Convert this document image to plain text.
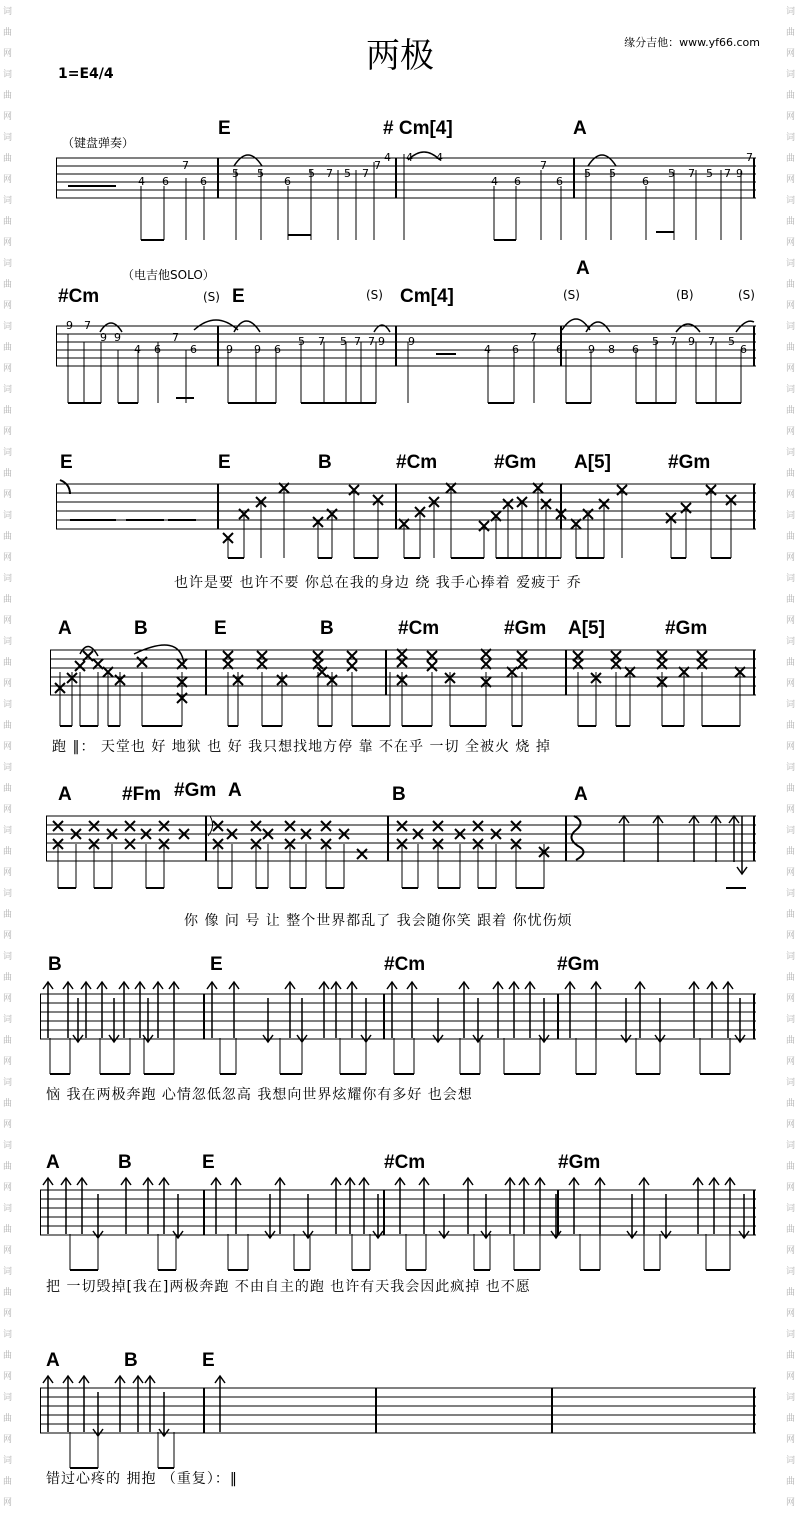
两极	缘分吉他：www.yf66.com
1=E4/4
词
曲
网
词
曲
网
词
曲
网
词
曲
网
词
曲
网
词
曲
网
词
曲
网
词
曲
网
词
曲
网
词
曲
网
词
曲
网
词
曲
网
词
曲
网
词
曲
网
词
曲
网
词
曲
网
词
曲
网
词
曲
网
词
曲
网
词
曲
网
词
曲
网
词
曲
网
词
曲
网
词
曲
网
词
曲
网
词
曲
网
词
曲
网
词
曲
网
词
曲
网
词
曲
网
词
曲
网
词
曲
网
词
曲
网
词
曲
网
词
曲
网
词
曲
网
词
曲
网
词
曲
网
词
曲
网
词
曲
网
词
曲
网
词
曲
网
词
曲
网
词
曲
网
词
曲
网
词
曲
网
词
曲
网
词
曲
网
E	# Cm[4]	A
（键盘弹奏）
7
4 6	6
5 5
6
5 7 5 7
7
4 4 4
4 6
7
6
5 5
6
5 7 5 7 9
7
（电吉他SOLO）	A
#Cm	(S) E	(S) Cm[4]	(S)	(B)	(S)
9 7
9 9
4 6
7
6	9 9 6
5 7 5 7 7 9 9
4 6
7
6 9 8 6
5 7 9 7 5
6
E	E	B	#Cm	#Gm A[5]	#Gm
也许是要 也许不要 你总在我的身边 绕 我手心捧着 爱疲于 乔
A	B	E	B	#Cm	#Gm A[5]	#Gm
跑 ‖： 天堂也 好 地狱 也 好 我只想找地方停 靠 不在乎 一切 全被火 烧 掉
A	#Fm #Gm A	B	A
你 像 问 号 让 整个世界都乱了 我会随你笑 跟着 你忧伤烦
B	E	#Cm	#Gm
恼 我在两极奔跑 心情忽低忽高 我想向世界炫耀你有多好 也会想
A	B	E	#Cm	#Gm
把 一切毁掉[我在]两极奔跑 不由自主的跑 也许有天我会因此疯掉 也不愿
A	B	E
错过心疼的 拥抱 （重复）：‖
